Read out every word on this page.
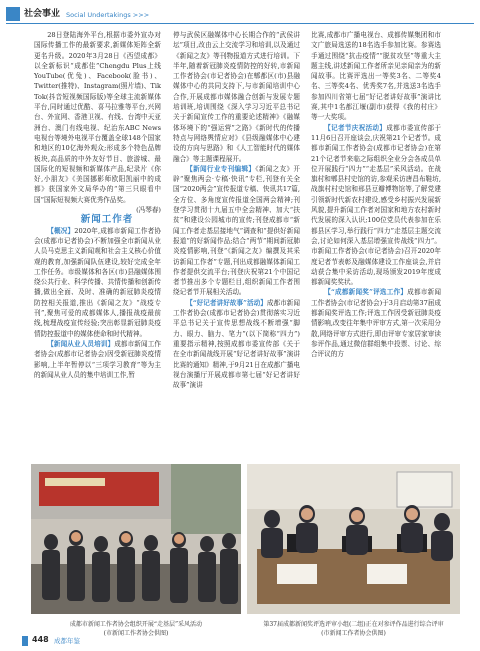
社会事业 Social Undertakings >>>

28日登陆海外平台,根据市委外宣办对国际传播工作的最新要求,新媒体矩阵全新更名升级。2020年3月28日《西望成都》以全新标识“成都佳”Chengdu Plus上线YouTube(优兔)、Facebook(脸书)、Twitter(推特)、Instagram(照片墙)、Tik Tok(抖音短视频国际版)等全球主流新媒体平台,同时通过优酷、喜马拉雅等平台,兴网台、外宣网、香港卫视、有线、台湾中天亚洲台、澳门有线电视、纪治东ABC News电视台等境外电视平台覆盖全球148个国家和地区的10亿海外观众;形成多个特色品牌板块,高品质的中外友好节目、旅游城、最国际化的短视频和新媒体产品,纪录片《你好,小朋友》《美国挪影师欧阳凯丽中的成都》获国家外文局华办的“第三只眼看中国”国际短视频大赛优秀作品奖。

(冯琴春)

新闻工作者

【概况】2020年,成都市新闻工作者协会(成都市记者协会)不断加强全市新闻从业人员马克思主义新闻观和社会主义核心价值观的教育,加强新闻队伍建设,较好完成全年工作任务。市级媒体和各区(市)县融媒体围绕公共行业、科学传播、共情传播和创新传播,做出全面、及时、准确的新冠肺炎疫情防控相关报道,推出《新闻之友》“战疫专刊”,聚焦可爱的成都媒体人,播报战疫最前线,梳理战疫宣传经验;突出彰显新冠肺炎疫情防控报道中的媒体使命和时代精神。

【新闻从业人员培训】成都市新闻工作者协会(成都市记者协会)因受新冠肺炎疫情影响,上半年暂停以“三项学习教育”等为主的新闻从业人员的集中培训工作,暂

停与武侯区融媒体中心长期合作的“武侯讲坛”项目,改由云上交流学习和培训,以及通过《新闻之友》等刊物报道方式进行培训。下半年,随着新冠肺炎疫情防控的好转,市新闻工作者协会(市记者协会)在郫都区(市)县融媒体中心的共同支持下,与市新闻培训中心合作,开展成都市媒体融合创新与发展专题培训班,培训围绕《深入学习习近平总书记关于新闻宣传工作的重要论述精神》《融媒体环境下的“强运营”之路》《新时代的传播特点与网络舆情应对》《县级融媒体中心建设的方向与思路》和《人工智能时代的媒体融合》等主题课程展开。

【新闻行业专刊编辑】《新闻之友》开辟“聚焦两会·专稿·快讯”专栏,刊登有关全国“2020两会”宣传报道专稿、快讯共17篇,全方位、多角度宣传报道全国两会精神;刊登学习贯彻十九届五中全会精神、加大“扶贫”和建设公园城市的宣传;刊登成都市“新闻工作者走基层接地气”调查和“提供好新闻报道”的好新闻作品;结合“两节”期间新冠肺炎疫情影响,刊登“《新闻之友》编撰及其采访新闻工作者”专题,刊出成都融媒体新闻工作者提供交流平台;刊登庆祝第21个中国记者节推出多个专题栏目,组织新闻工作者围绕记者节开展相关活动。

【“好记者讲好故事”活动】成都市新闻工作者协会(成都市记者协会)贯彻落实习近平总书记关于宣传思想战线不断增强“脚力、眼力、脑力、笔力”(以下简称“四力”)重要指示精神,按照成都市委宣传部《关于在全市新闻战线开展“好记者讲好故事”演讲比赛的通知》精神,于9月21日在成都广播电视台演播厅开展成都市第七届“好记者讲好故事”演讲

比赛,成都市广播电视台、成都传媒集团和市文广旅局选送的18名选手参加比赛。参赛选手通过围绕“抗击疫情”“脱贫攻坚”等重大主题主线,讲述新闻工作者所亲见亲闻亲为的新闻故事。比赛评选出一等奖3名、二等奖4名、三等奖4名、优秀奖7名,并选送3名选手参加四川省第七届“好记者讲好故事”演讲比赛,其中1名都江堰(副市)获得《我的村庄》等一大奖项。

【记者节庆祝活动】成都市委宣传部于11月6日召开座谈会,庆祝第21个记者节。成都市新闻工作者协会(成都市记者协会)在第21个记者节来临之际组织全业分会各成员单位开展践行“四力”“走基层”采风活动。在战旗村和郫县村史馆的访,参观采访唐昌布鞋坊,战旗村村史馆和邢县豆瓣博物馆等,了解党建引领新时代新农村建设,感受乡村振兴发展新风貌,提升新闻工作者对国家和地方农村新时代发展的深入认识;100位党员代表参加在乐都县区学习,举行践行“四力”走基层主题交流会,讨论如何深入基层增强宣传战线“四力”。市新闻工作者协会(市记者协会)召开2020年度记者节表彰及融媒体建设工作座谈会,并启动获合集中采访活动,现场颁发2019年度成都新闻奖奖状。

【“成都新闻奖”评选工作】成都市新闻工作者协会(市记者协会)于3月启动第37届成都新闻奖评选工作;评选工作因受新冠肺炎疫情影响,改变往年集中评审方式,第一次采用分散,网络评审方式进行,即由评审专家居家审读参评作品,通过微信群组集中投票、讨论、综合评议的方

成都市新闻工作者协会组织开展“走基层”采风活动
(市新闻工作者协会供图)
第37届成都新闻奖评选评审小组(二组)正在对参评作品进行综合评审
(市新闻工作者协会供图)
448 成都年鉴
